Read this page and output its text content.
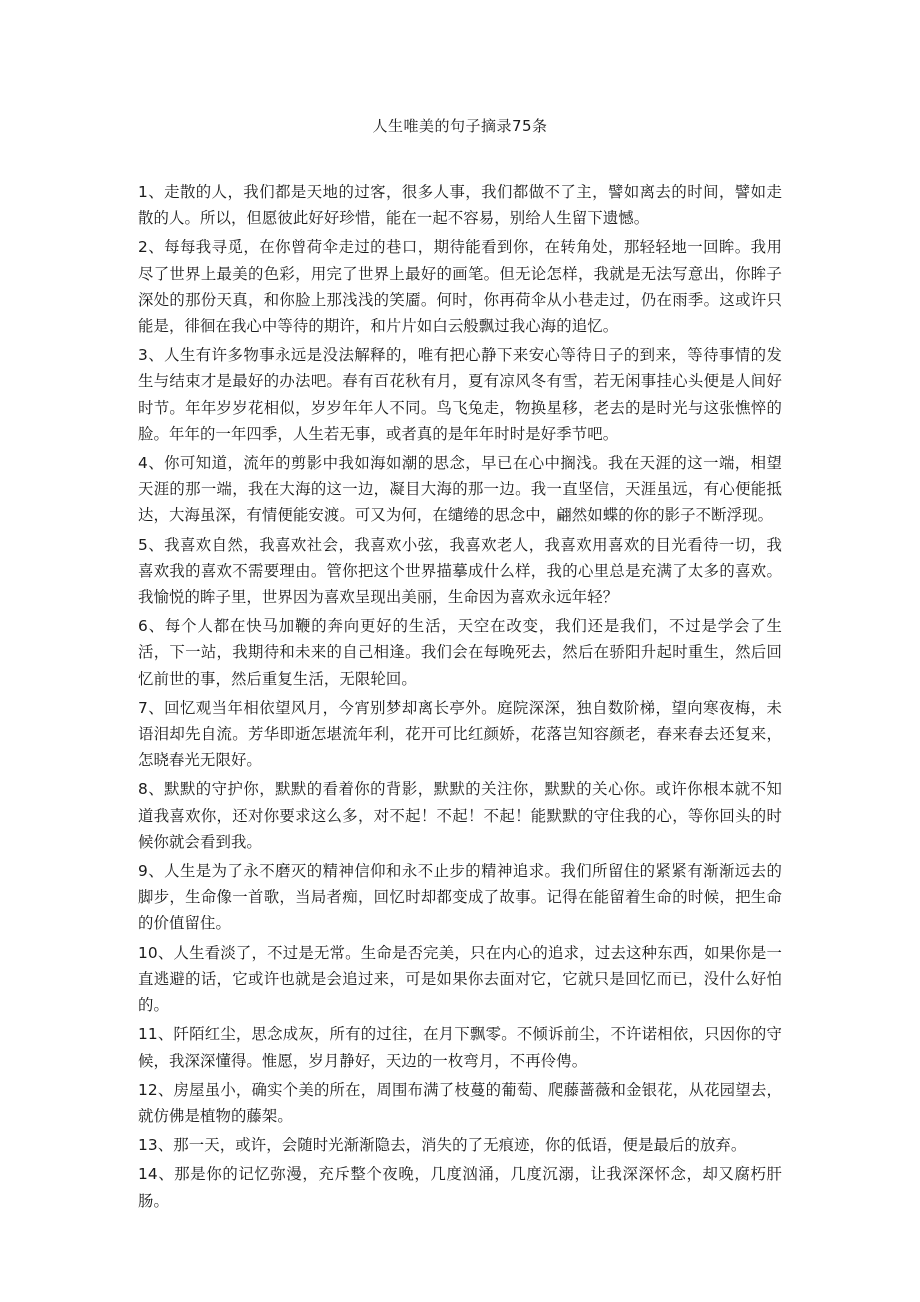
人生唯美的句子摘录75条
1、走散的人，我们都是天地的过客，很多人事，我们都做不了主，譬如离去的时间，譬如走散的人。所以，但愿彼此好好珍惜，能在一起不容易，别给人生留下遗憾。
2、每每我寻觅，在你曾荷伞走过的巷口，期待能看到你，在转角处，那轻轻地一回眸。我用尽了世界上最美的色彩，用完了世界上最好的画笔。但无论怎样，我就是无法写意出，你眸子深处的那份天真，和你脸上那浅浅的笑靥。何时，你再荷伞从小巷走过，仍在雨季。这或许只能是，徘徊在我心中等待的期许，和片片如白云般飘过我心海的追忆。
3、人生有许多物事永远是没法解释的，唯有把心静下来安心等待日子的到来，等待事情的发生与结束才是最好的办法吧。春有百花秋有月，夏有凉风冬有雪，若无闲事挂心头便是人间好时节。年年岁岁花相似，岁岁年年人不同。鸟飞兔走，物换星移，老去的是时光与这张憔悴的脸。年年的一年四季，人生若无事，或者真的是年年时时是好季节吧。
4、你可知道，流年的剪影中我如海如潮的思念，早已在心中搁浅。我在天涯的这一端，相望天涯的那一端，我在大海的这一边，凝目大海的那一边。我一直坚信，天涯虽远，有心便能抵达，大海虽深，有情便能安渡。可又为何，在缱绻的思念中，翩然如蝶的你的影子不断浮现。
5、我喜欢自然，我喜欢社会，我喜欢小弦，我喜欢老人，我喜欢用喜欢的目光看待一切，我喜欢我的喜欢不需要理由。管你把这个世界描摹成什么样，我的心里总是充满了太多的喜欢。我愉悦的眸子里，世界因为喜欢呈现出美丽，生命因为喜欢永远年轻？
6、每个人都在快马加鞭的奔向更好的生活，天空在改变，我们还是我们，不过是学会了生活，下一站，我期待和未来的自己相逢。我们会在每晚死去，然后在骄阳升起时重生，然后回忆前世的事，然后重复生活，无限轮回。
7、回忆观当年相依望风月，今宵别梦却离长亭外。庭院深深，独自数阶梯，望向寒夜梅，未语泪却先自流。芳华即逝怎堪流年利，花开可比红颜娇，花落岂知容颜老，春来春去还复来，怎晓春光无限好。
8、默默的守护你，默默的看着你的背影，默默的关注你，默默的关心你。或许你根本就不知道我喜欢你，还对你要求这么多，对不起！不起！不起！能默默的守住我的心，等你回头的时候你就会看到我。
9、人生是为了永不磨灭的精神信仰和永不止步的精神追求。我们所留住的紧紧有渐渐远去的脚步，生命像一首歌，当局者痴，回忆时却都变成了故事。记得在能留着生命的时候，把生命的价值留住。
10、人生看淡了，不过是无常。生命是否完美，只在内心的追求，过去这种东西，如果你是一直逃避的话，它或许也就是会追过来，可是如果你去面对它，它就只是回忆而已，没什么好怕的。
11、阡陌红尘，思念成灰，所有的过往，在月下飘零。不倾诉前尘，不许诺相依，只因你的守候，我深深懂得。惟愿，岁月静好，天边的一枚弯月，不再伶俜。
12、房屋虽小，确实个美的所在，周围布满了枝蔓的葡萄、爬藤蔷薇和金银花，从花园望去，就仿佛是植物的藤架。
13、那一天，或许，会随时光渐渐隐去，消失的了无痕迹，你的低语，便是最后的放弃。
14、那是你的记忆弥漫，充斥整个夜晚，几度汹涌，几度沉溺，让我深深怀念，却又腐朽肝肠。
